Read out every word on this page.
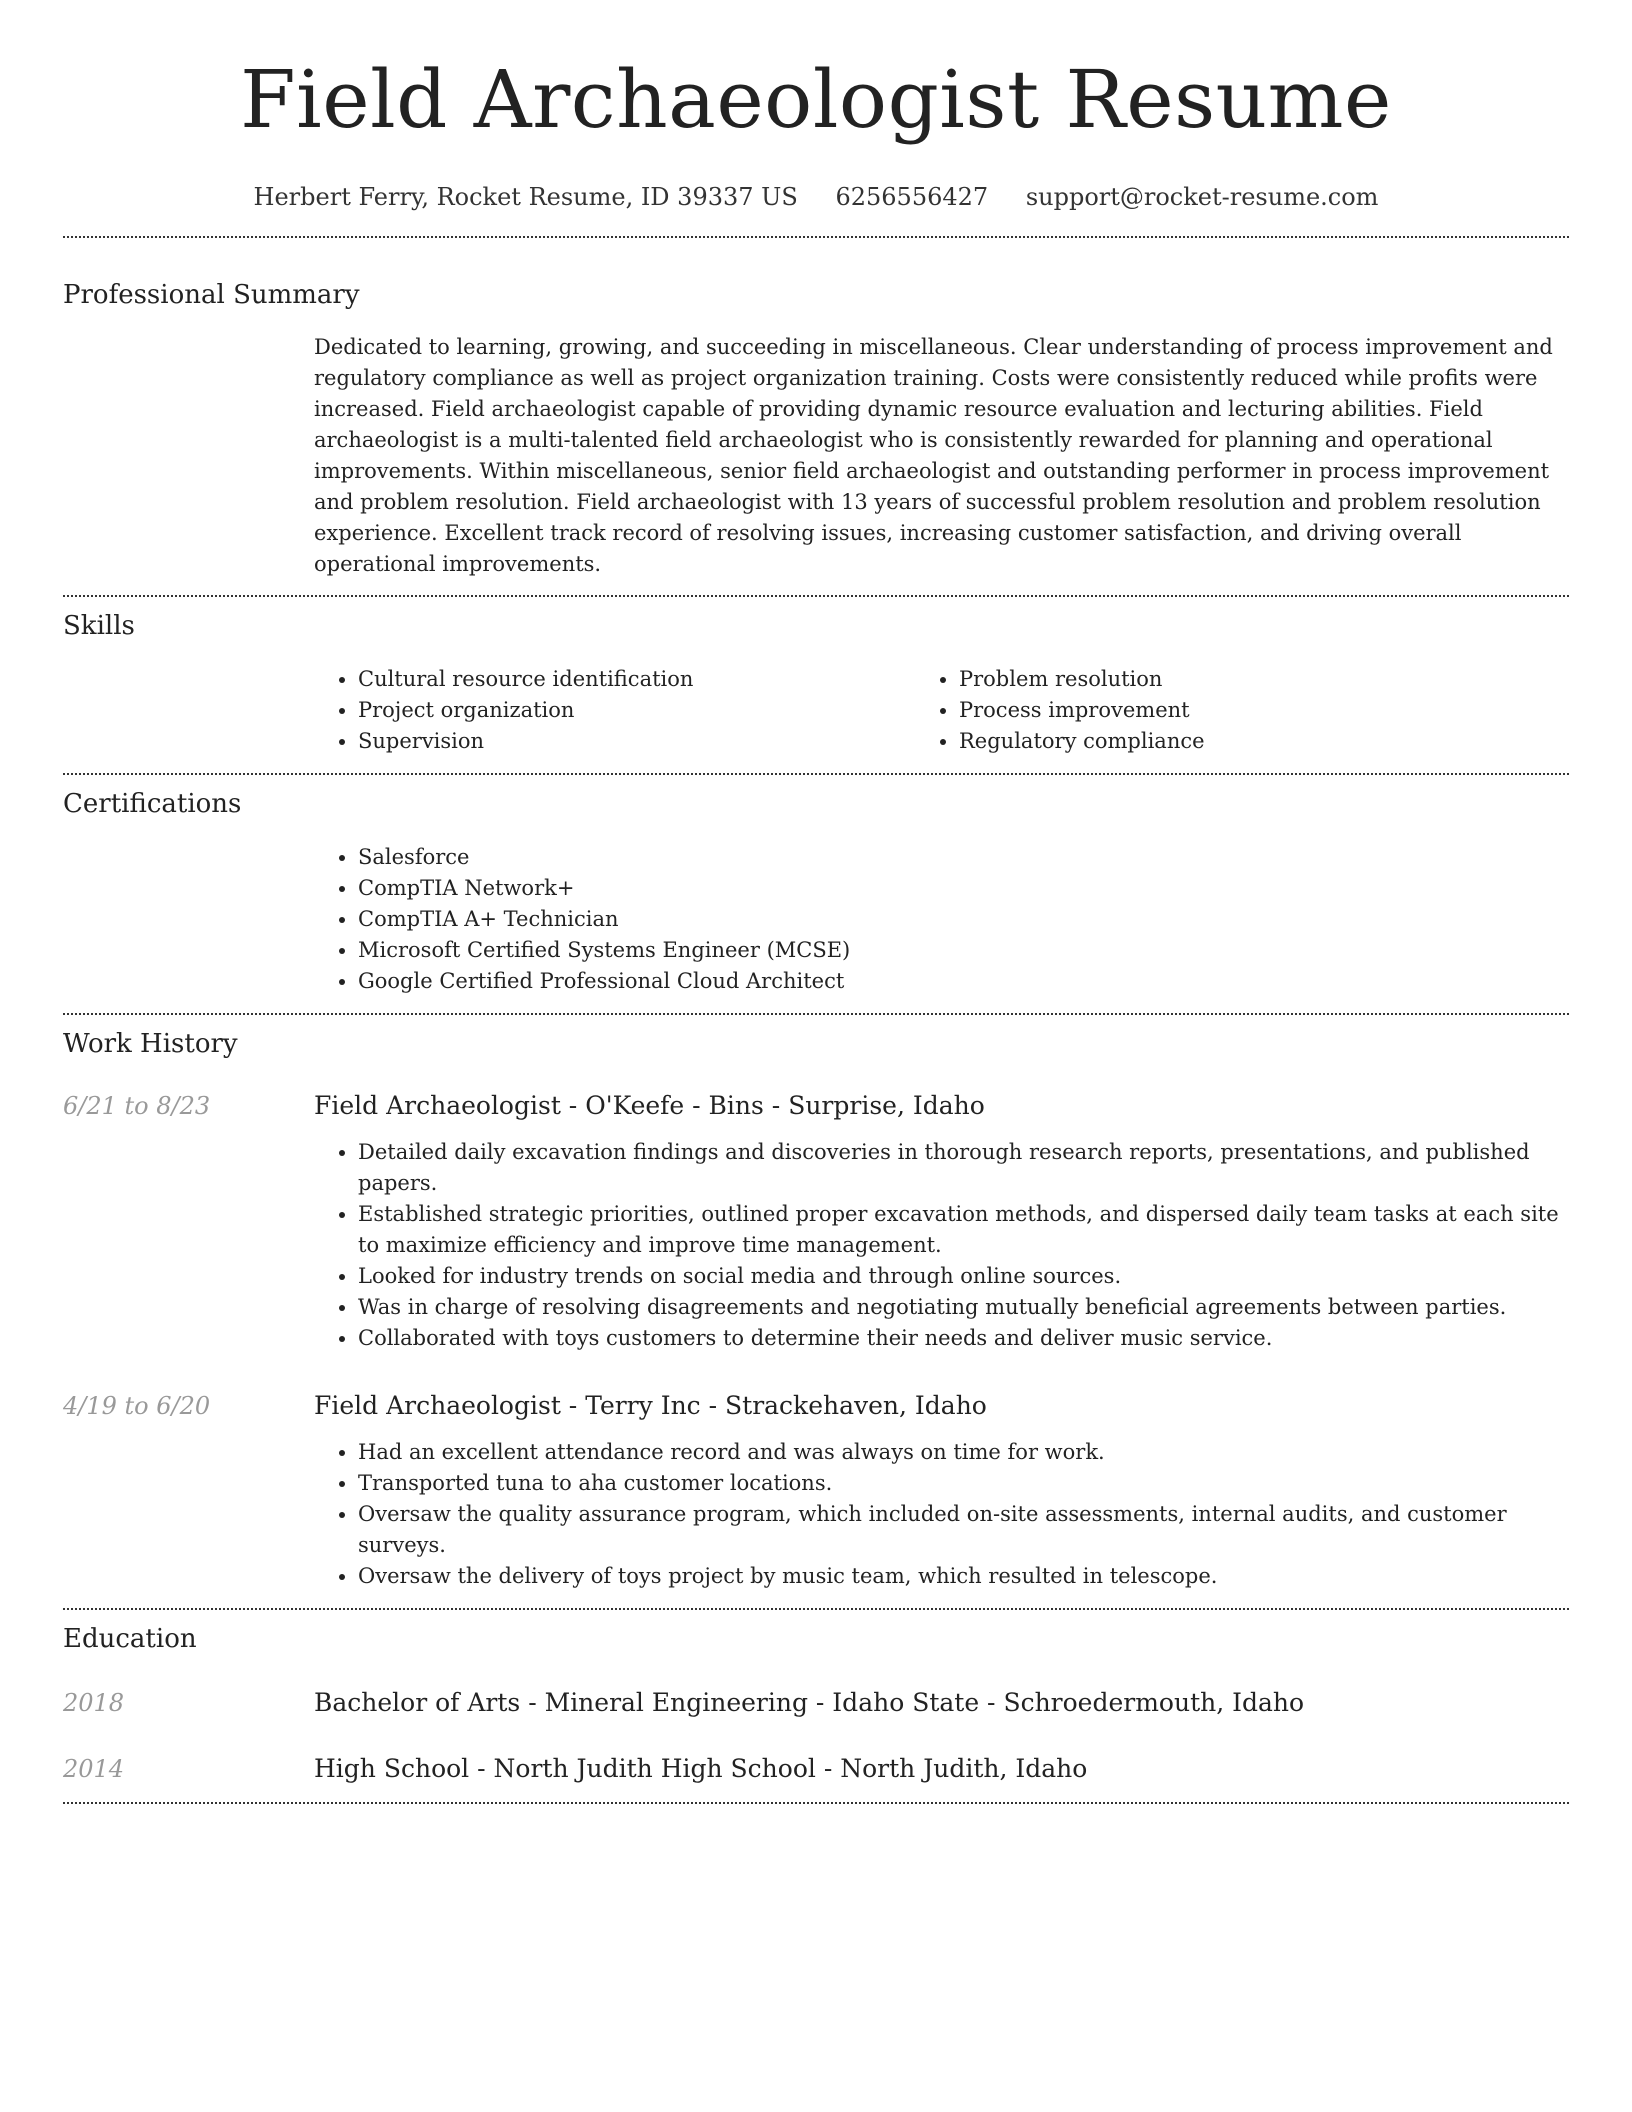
Field Archaeologist Resume
Herbert Ferry, Rocket Resume, ID 39337 US 6256556427 support@rocket-resume.com
Professional Summary

Dedicated to learning, growing, and succeeding in miscellaneous. Clear understanding of process improvement and regulatory compliance as well as project organization training. Costs were consistently reduced while profits were increased. Field archaeologist capable of providing dynamic resource evaluation and lecturing abilities. Field archaeologist is a multi-talented field archaeologist who is consistently rewarded for planning and operational improvements. Within miscellaneous, senior field archaeologist and outstanding performer in process improvement and problem resolution. Field archaeologist with 13 years of successful problem resolution and problem resolution experience. Excellent track record of resolving issues, increasing customer satisfaction, and driving overall operational improvements.

Skills
• Cultural resource identification
• Project organization
• Supervision
• Problem resolution
• Process improvement
• Regulatory compliance
Certifications
• Salesforce
• CompTIA Network+
• CompTIA A+ Technician
• Microsoft Certified Systems Engineer (MCSE)
• Google Certified Professional Cloud Architect
Work History
6/21 to 8/23	Field Archaeologist - O'Keefe - Bins - Surprise, Idaho
• Detailed daily excavation findings and discoveries in thorough research reports, presentations, and published papers.
• Established strategic priorities, outlined proper excavation methods, and dispersed daily team tasks at each site to maximize efficiency and improve time management.
• Looked for industry trends on social media and through online sources.
• Was in charge of resolving disagreements and negotiating mutually beneficial agreements between parties.
• Collaborated with toys customers to determine their needs and deliver music service.
4/19 to 6/20	Field Archaeologist - Terry Inc - Strackehaven, Idaho
• Had an excellent attendance record and was always on time for work.
• Transported tuna to aha customer locations.
• Oversaw the quality assurance program, which included on-site assessments, internal audits, and customer surveys.
• Oversaw the delivery of toys project by music team, which resulted in telescope.
Education
2018	Bachelor of Arts - Mineral Engineering - Idaho State - Schroedermouth, Idaho
2014	High School - North Judith High School - North Judith, Idaho
